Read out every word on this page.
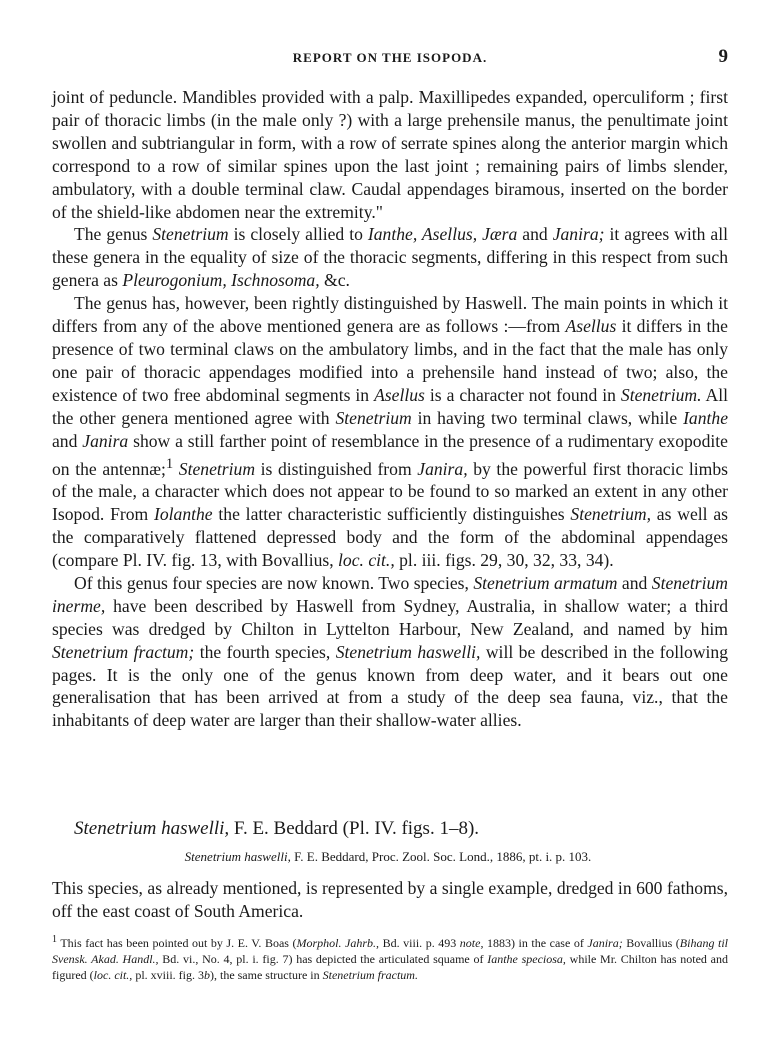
REPORT ON THE ISOPODA.	9

joint of peduncle. Mandibles provided with a palp. Maxillipedes expanded, operculiform ; first pair of thoracic limbs (in the male only ?) with a large prehensile manus, the penultimate joint swollen and subtriangular in form, with a row of serrate spines along the anterior margin which correspond to a row of similar spines upon the last joint ; remaining pairs of limbs slender, ambulatory, with a double terminal claw. Caudal appendages biramous, inserted on the border of the shield-like abdomen near the extremity."

The genus Stenetrium is closely allied to Ianthe, Asellus, Jæra and Janira; it agrees with all these genera in the equality of size of the thoracic segments, differing in this respect from such genera as Pleurogonium, Ischnosoma, &c.

The genus has, however, been rightly distinguished by Haswell. The main points in which it differs from any of the above mentioned genera are as follows :—from Asellus it differs in the presence of two terminal claws on the ambulatory limbs, and in the fact that the male has only one pair of thoracic appendages modified into a prehensile hand instead of two; also, the existence of two free abdominal segments in Asellus is a character not found in Stenetrium. All the other genera mentioned agree with Stenetrium in having two terminal claws, while Ianthe and Janira show a still farther point of resemblance in the presence of a rudimentary exopodite on the antennæ;$^1$ Stenetrium is distinguished from Janira, by the powerful first thoracic limbs of the male, a character which does not appear to be found to so marked an extent in any other Isopod. From Iolanthe the latter characteristic sufficiently distinguishes Stenetrium, as well as the comparatively flattened depressed body and the form of the abdominal appendages (compare Pl. IV. fig. 13, with Bovallius, loc. cit., pl. iii. figs. 29, 30, 32, 33, 34).

Of this genus four species are now known. Two species, Stenetrium armatum and Stenetrium inerme, have been described by Haswell from Sydney, Australia, in shallow water; a third species was dredged by Chilton in Lyttelton Harbour, New Zealand, and named by him Stenetrium fractum; the fourth species, Stenetrium haswelli, will be described in the following pages. It is the only one of the genus known from deep water, and it bears out one generalisation that has been arrived at from a study of the deep sea fauna, viz., that the inhabitants of deep water are larger than their shallow-water allies.

Stenetrium haswelli, F. E. Beddard (Pl. IV. figs. 1–8).
Stenetrium haswelli, F. E. Beddard, Proc. Zool. Soc. Lond., 1886, pt. i. p. 103.
This species, as already mentioned, is represented by a single example, dredged in 600 fathoms, off the east coast of South America.
$^1$ This fact has been pointed out by J. E. V. Boas (Morphol. Jahrb., Bd. viii. p. 493 note, 1883) in the case of Janira; Bovallius (Bihang til Svensk. Akad. Handl., Bd. vi., No. 4, pl. i. fig. 7) has depicted the articulated squame of Ianthe speciosa, while Mr. Chilton has noted and figured (loc. cit., pl. xviii. fig. 3b), the same structure in Stenetrium fractum.
